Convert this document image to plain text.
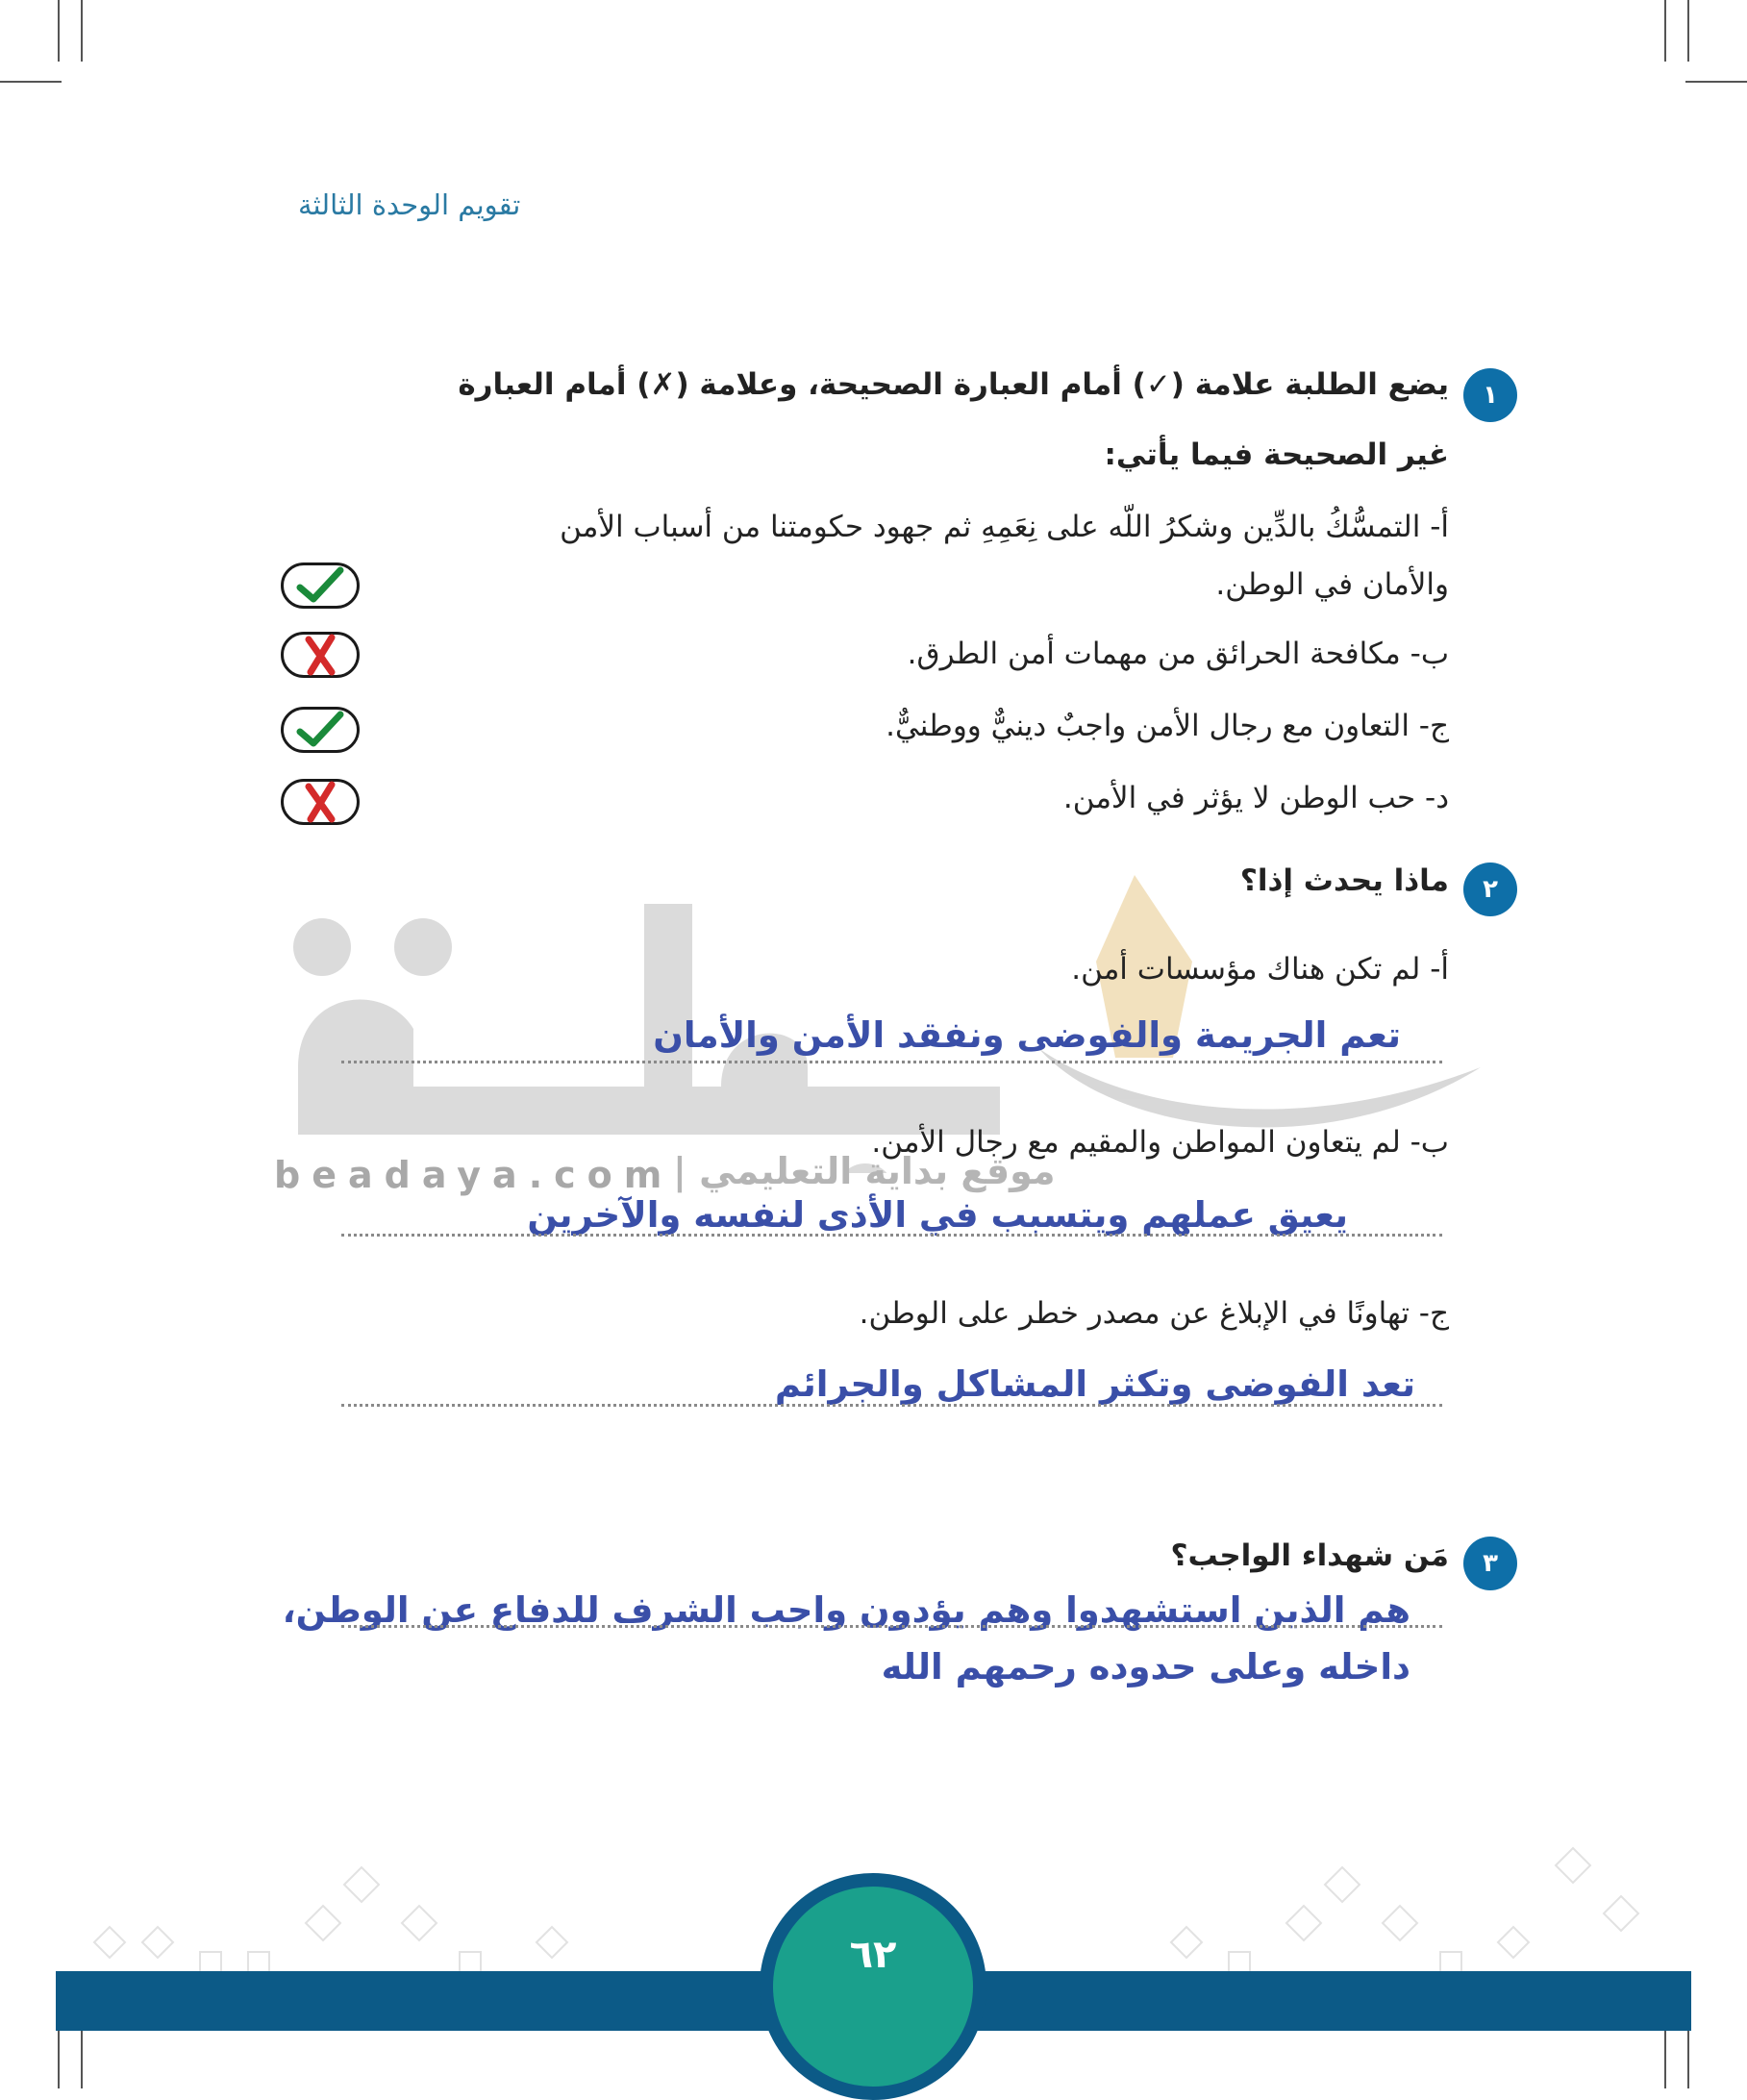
تقويم الوحدة الثالثة
١
يضع الطلبة علامة (✓) أمام العبارة الصحيحة، وعلامة (✗) أمام العبارة
غير الصحيحة فيما يأتي:
أ- التمسُّكُ بالدِّين وشكرُ اللّه على نِعَمِهِ ثم جهود حكومتنا من أسباب الأمن
والأمان في الوطن.
ب- مكافحة الحرائق من مهمات أمن الطرق.
ج- التعاون مع رجال الأمن واجبٌ دينيٌّ ووطنيٌّ.
د- حب الوطن لا يؤثر في الأمن.
٢
ماذا يحدث إذا؟
أ- لم تكن هناك مؤسسات أمن.
تعم الجريمة والفوضى ونفقد الأمن والأمان
ب- لم يتعاون المواطن والمقيم مع رجال الأمن.
يعيق عملهم ويتسبب في الأذى لنفسه والآخرين
ج- تهاونًا في الإبلاغ عن مصدر خطر على الوطن.
تعد الفوضى وتكثر المشاكل والجرائم
beadaya.com موقع بداية التعليمي |
٣
مَن شهداء الواجب؟
هم الذين استشهدوا وهم يؤدون واجب الشرف للدفاع عن الوطن،
داخله وعلى حدوده رحمهم الله
٦٢
